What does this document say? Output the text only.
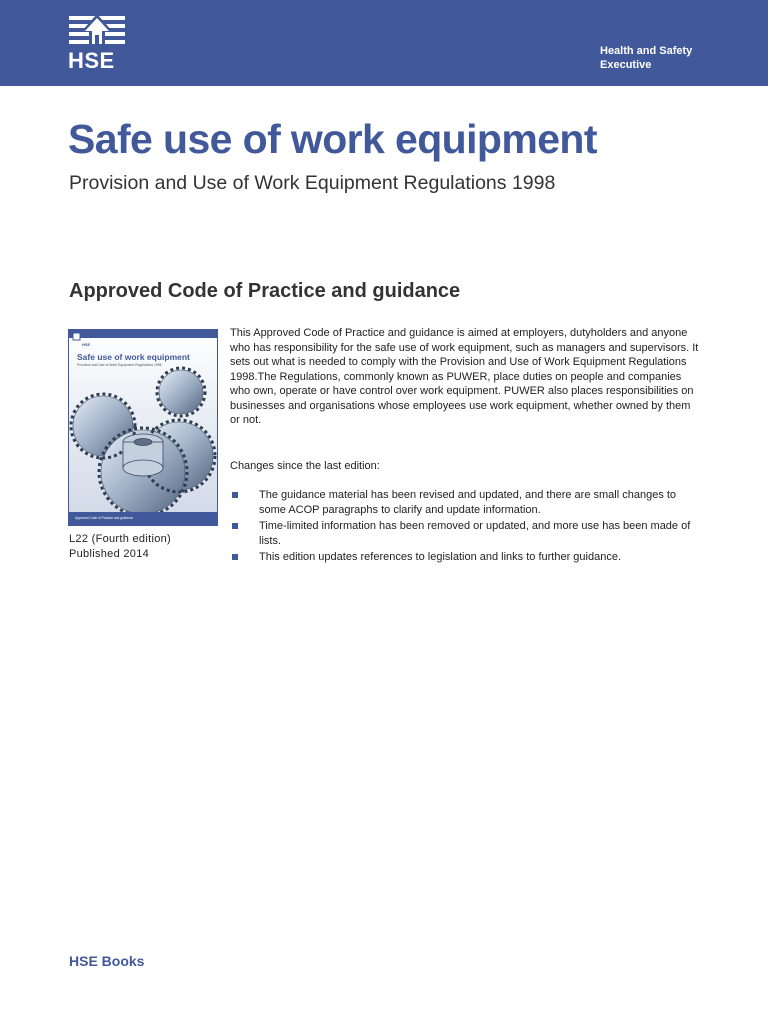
HSE	Health and Safety
Executive
Safe use of work equipment

Provision and Use of Work Equipment Regulations 1998

Approved Code of Practice and guidance
HSE
Safe use of work equipment
Provision and Use of Work Equipment Regulations 1998
Approved Code of Practice and guidance
L22 (Fourth edition)
Published 2014

This Approved Code of Practice and guidance is aimed at employers, dutyholders and anyone who has responsibility for the safe use of work equipment, such as managers and supervisors. It sets out what is needed to comply with the Provision and Use of Work Equipment Regulations 1998.The Regulations, commonly known as PUWER, place duties on people and companies who own, operate or have control over work equipment. PUWER also places responsibilities on businesses and organisations whose employees use work equipment, whether owned by them or not.

Changes since the last edition:

The guidance material has been revised and updated, and there are small changes to some ACOP paragraphs to clarify and update information.
Time-limited information has been removed or updated, and more use has been made of lists.
This edition updates references to legislation and links to further guidance.

HSE Books
